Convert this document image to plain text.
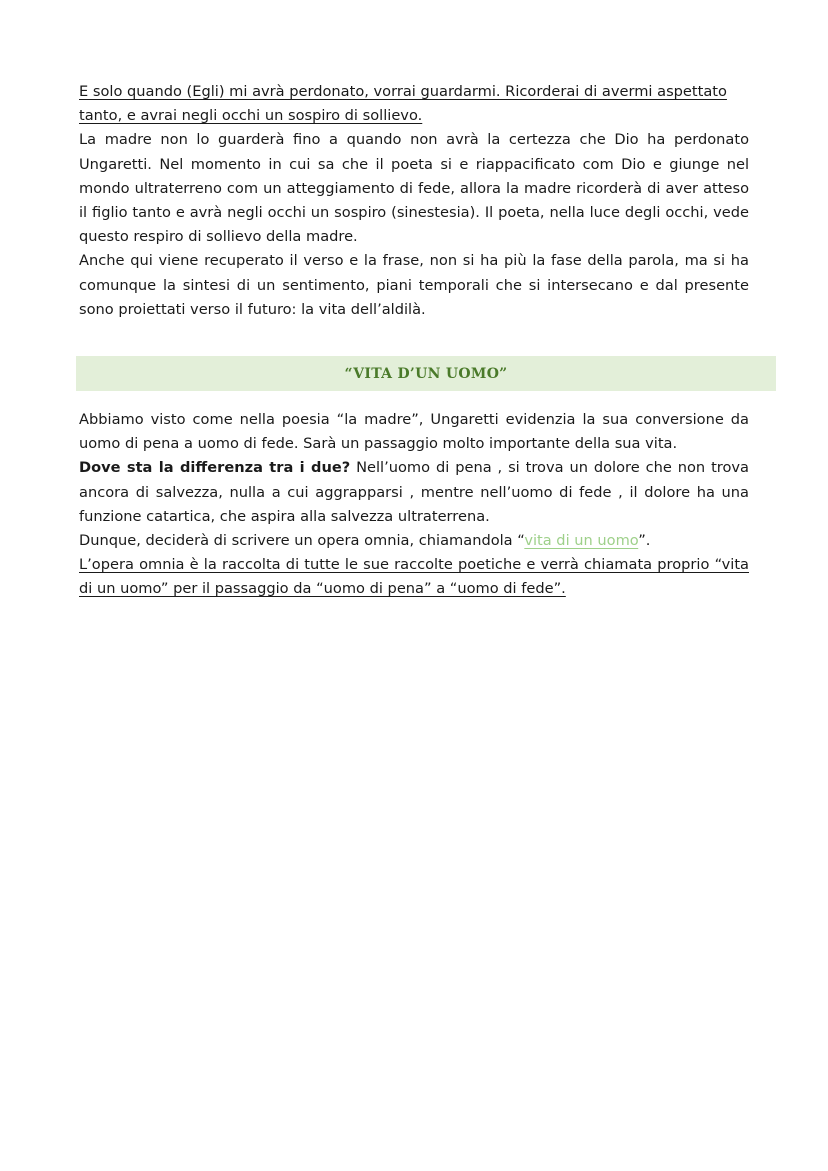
E solo quando (Egli) mi avrà perdonato, vorrai guardarmi. Ricorderai di avermi aspettato
tanto, e avrai negli occhi un sospiro di sollievo.

La madre non lo guarderà fino a quando non avrà la certezza che Dio ha perdonato Ungaretti. Nel momento in cui sa che il poeta si e riappacificato com Dio e giunge nel mondo ultraterreno com un atteggiamento di fede, allora la madre ricorderà di aver atteso il figlio tanto e avrà negli occhi un sospiro (sinestesia). Il poeta, nella luce degli occhi, vede questo respiro di sollievo della madre.

Anche qui viene recuperato il verso e la frase, non si ha più la fase della parola, ma si ha comunque la sintesi di un sentimento, piani temporali che si intersecano e dal presente sono proiettati verso il futuro: la vita dell’aldilà.

“VITA D’UN UOMO”

Abbiamo visto come nella poesia “la madre”, Ungaretti evidenzia la sua conversione da uomo di pena a uomo di fede. Sarà un passaggio molto importante della sua vita.

Dove sta la differenza tra i due? Nell’uomo di pena , si trova un dolore che non trova ancora di salvezza, nulla a cui aggrapparsi , mentre nell’uomo di fede , il dolore ha una funzione catartica, che aspira alla salvezza ultraterrena.

Dunque, deciderà di scrivere un opera omnia, chiamandola “vita di un uomo”.

L’opera omnia è la raccolta di tutte le sue raccolte poetiche e verrà chiamata proprio “vita di un uomo” per il passaggio da “uomo di pena” a “uomo di fede”.
